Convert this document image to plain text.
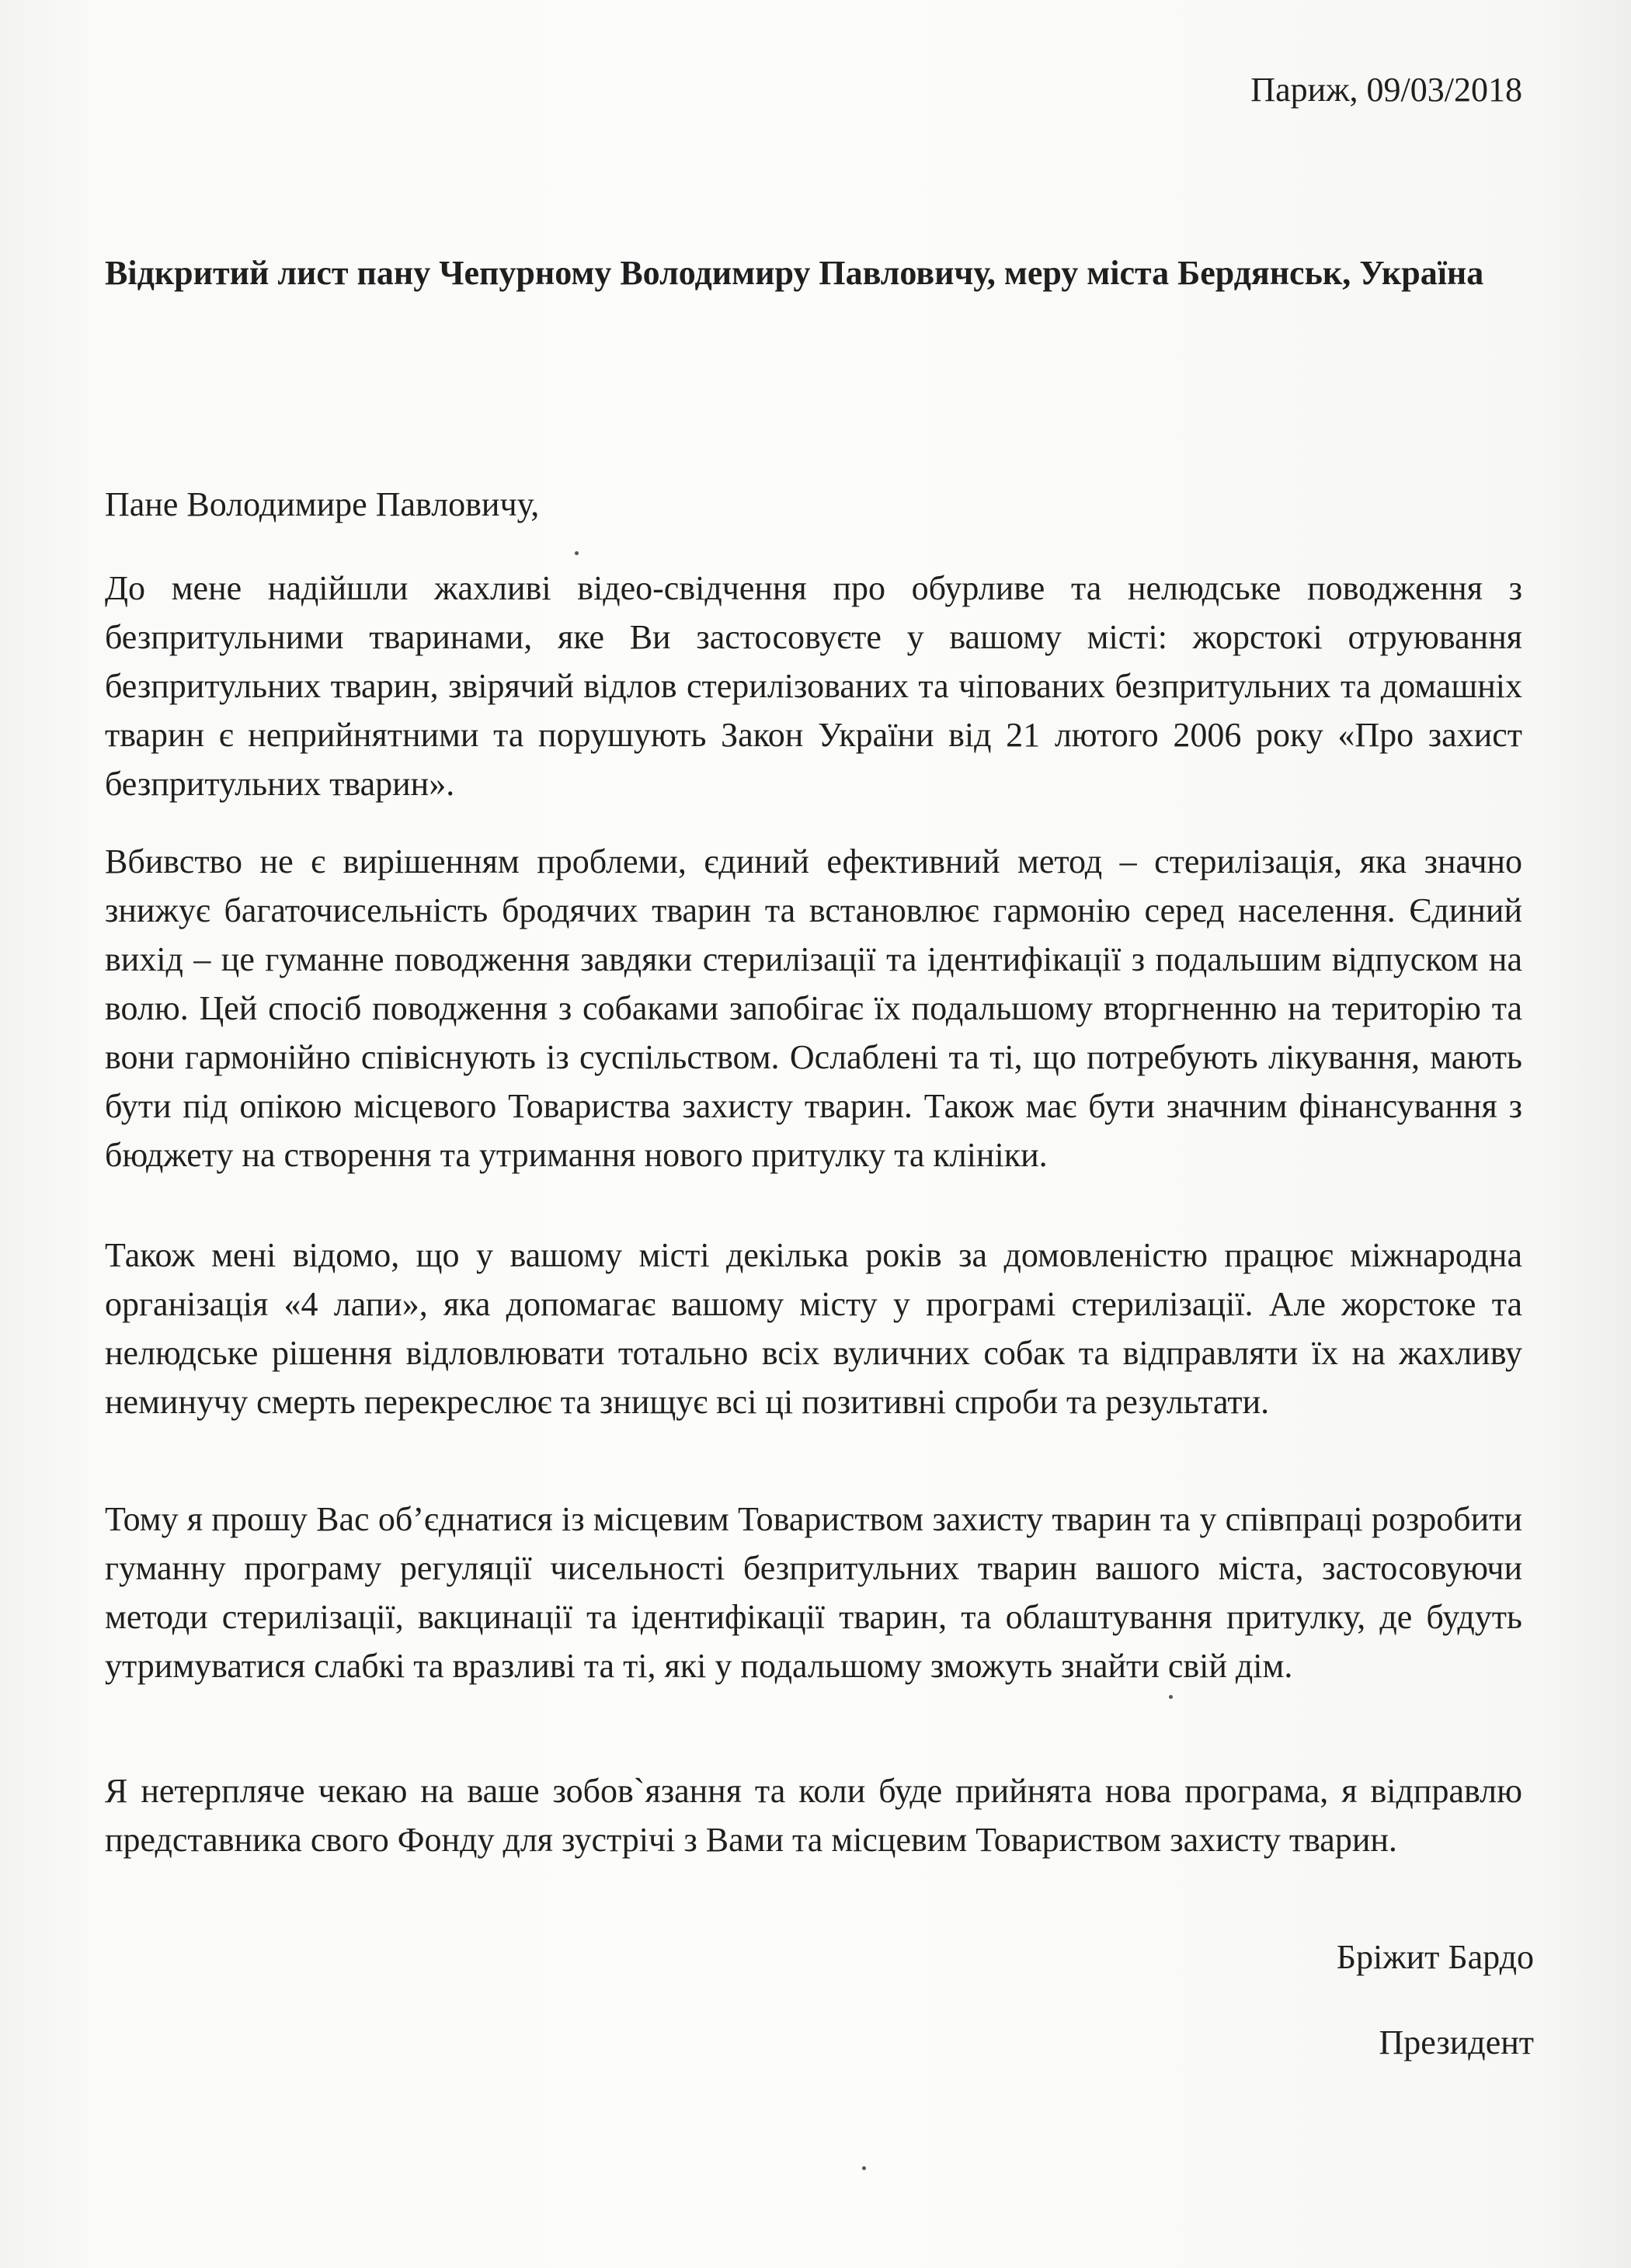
Париж, 09/03/2018
Відкритий лист пану Чепурному Володимиру Павловичу, меру міста Бердянськ, Україна
Пане Володимире Павловичу,

До мене надійшли жахливі відео-свідчення про обурливе та нелюдське поводження з безпритульними тваринами, яке Ви застосовуєте у вашому місті: жорстокі отруювання безпритульних тварин, звірячий відлов стерилізованих та чіпованих безпритульних та домашніх тварин є неприйнятними та порушують Закон України від 21 лютого 2006 року «Про захист безпритульних тварин».

Вбивство не є вирішенням проблеми, єдиний ефективний метод – стерилізація, яка значно знижує багаточисельність бродячих тварин та встановлює гармонію серед населення. Єдиний вихід – це гуманне поводження завдяки стерилізації та ідентифікації з подальшим відпуском на волю. Цей спосіб поводження з собаками запобігає їх подальшому вторгненню на територію та вони гармонійно співіснують із суспільством. Ослаблені та ті, що потребують лікування, мають бути під опікою місцевого Товариства захисту тварин. Також має бути значним фінансування з бюджету на створення та утримання нового притулку та клініки.

Також мені відомо, що у вашому місті декілька років за домовленістю працює міжнародна організація «4 лапи», яка допомагає вашому місту у програмі стерилізації. Але жорстоке та нелюдське рішення відловлювати тотально всіх вуличних собак та відправляти їх на жахливу неминучу смерть перекреслює та знищує всі ці позитивні спроби та результати.

Тому я прошу Вас об’єднатися із місцевим Товариством захисту тварин та у співпраці розробити гуманну програму регуляції чисельності безпритульних тварин вашого міста, застосовуючи методи стерилізації, вакцинації та ідентифікації тварин, та облаштування притулку, де будуть утримуватися слабкі та вразливі та ті, які у подальшому зможуть знайти свій дім.

Я нетерпляче чекаю на ваше зобов`язання та коли буде прийнята нова програма, я відправлю представника свого Фонду для зустрічі з Вами та місцевим Товариством захисту тварин.

Бріжит Бардо
Президент
